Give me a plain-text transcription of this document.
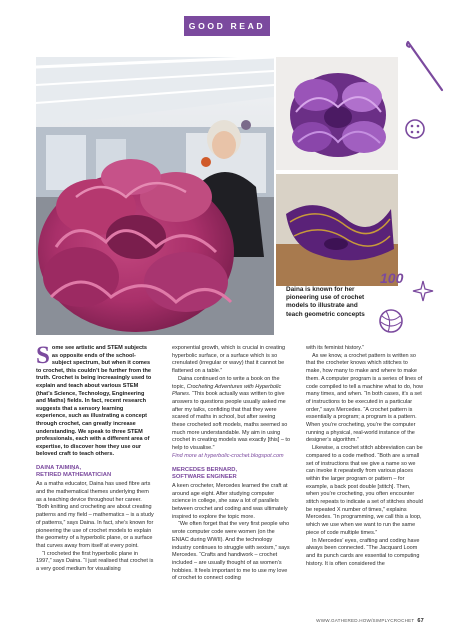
GOOD READ
Daina is known for her pioneering use of crochet models to illustrate and teach geometric concepts
100

Some see artistic and STEM subjects as opposite ends of the school-subject spectrum, but when it comes to crochet, this couldn’t be further from the truth. Crochet is being increasingly used to explain and teach about various STEM (that’s Science, Technology, Engineering and Maths) fields. In fact, recent research suggests that a sensory learning experience, such as illustrating a concept through crochet, can greatly increase understanding. We speak to three STEM professionals, each with a different area of expertise, to discover how they use our beloved craft to teach others.

DAINA TAIMIŅA,
RETIRED MATHEMATICIAN

As a maths educator, Daina has used fibre arts and the mathematical themes underlying them as a teaching device throughout her career. “Both knitting and crocheting are about creating patterns and my field – mathematics – is a study of patterns,” says Daina. In fact, she’s known for pioneering the use of crochet models to explain the geometry of a hyperbolic plane, or a surface that curves away from itself at every point.

“I crocheted the first hyperbolic plane in 1997,” says Daina. “I just realised that crochet is a very good medium for visualising

exponential growth, which is crucial in creating hyperbolic surface, or a surface which is so crenulated (irregular or wavy) that it cannot be flattened on a table.”

Daina continued on to write a book on the topic, Crocheting Adventures with Hyperbolic Planes. “This book actually was written to give answers to questions people usually asked me after my talks, confiding that that they were scared of maths in school, but after seeing these crocheted soft models, maths seemed so much more understandable. My aim in using crochet in creating models was exactly [this] – to help to visualise.”

Find more at hyperbolic-crochet.blogspot.com

MERCEDES BERNARD,
SOFTWARE ENGINEER

A keen crocheter, Mercedes learned the craft at around age eight. After studying computer science in college, she saw a lot of parallels between crochet and coding and was ultimately inspired to explore the topic more.

“We often forget that the very first people who wrote computer code were women (on the ENIAC during WWII). And the technology industry continues to struggle with sexism,” says Mercedes. “Crafts and handiwork – crochet included – are usually thought of as women’s hobbies. It feels important to me to use my love of crochet to connect coding

with its feminist history.”

As we know, a crochet pattern is written so that the crocheter knows which stitches to make, how many to make and where to make them. A computer program is a series of lines of code compiled to tell a machine what to do, how many times, and when. “In both cases, it’s a set of instructions to be executed in a particular order,” says Mercedes. “A crochet pattern is essentially a program; a program is a pattern. When you’re crocheting, you’re the computer running a physical, real-world instance of the designer’s algorithm.”

Likewise, a crochet stitch abbreviation can be compared to a code method. “Both are a small set of instructions that we give a name so we can invoke it repeatedly from various places within the larger program or pattern – for example, a back post double [stitch]. Then, when you’re crocheting, you often encounter stitch repeats to indicate a set of stitches should be repeated X number of times,” explains Mercedes. “In programming, we call this a loop, which we use when we want to run the same piece of code multiple times.”

In Mercedes’ eyes, crafting and coding have always been connected. “The Jacquard Loom and its punch cards are essential to computing history. It is often considered the

WWW.GATHERED.HOW/SIMPLYCROCHET 67
